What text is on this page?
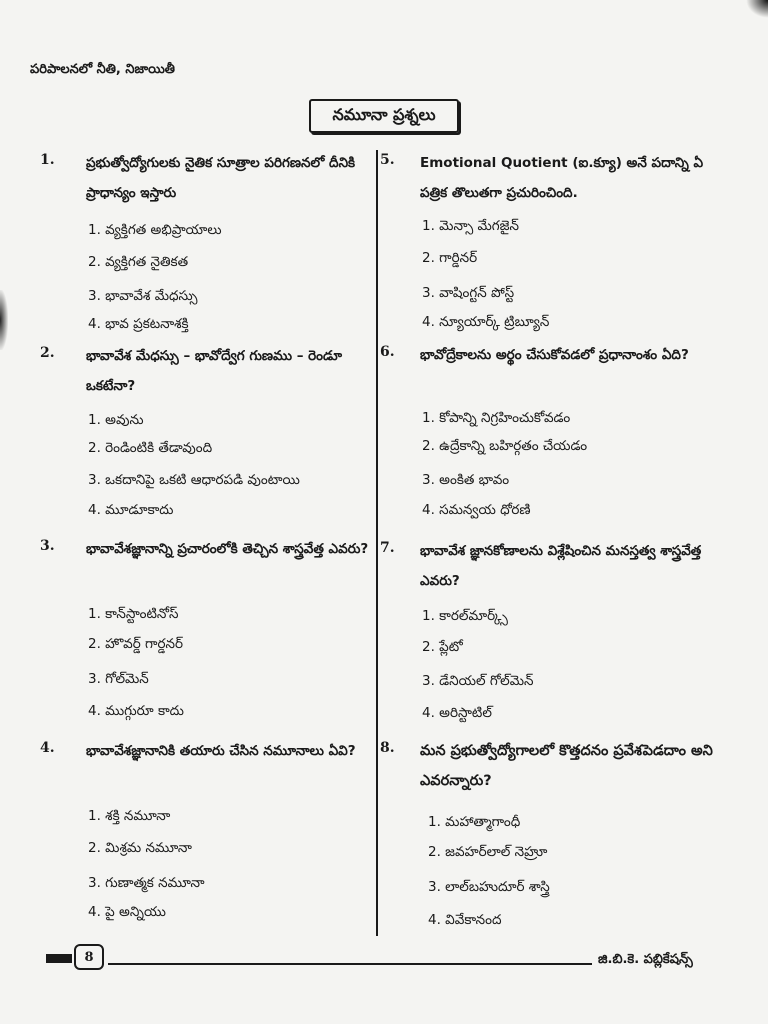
పరిపాలనలో నీతి, నిజాయితీ
నమూనా ప్రశ్నలు
1.	ప్రభుత్వోద్యోగులకు నైతిక సూత్రాల పరిగణనలో దీనికి ప్రాధాన్యం ఇస్తారు
1. వ్యక్తిగత అభిప్రాయాలు
2. వ్యక్తిగత నైతికత
3. భావావేశ మేధస్సు
4. భావ ప్రకటనాశక్తి
2.	భావావేశ మేధస్సు – భావోద్వేగ గుణము – రెండూ ఒకటేనా?
1. అవును
2. రెండింటికి తేడావుంది
3. ఒకదానిపై ఒకటి ఆధారపడి వుంటాయి
4. మూడూకాదు
3.	భావావేశజ్ఞానాన్ని ప్రచారంలోకి తెచ్చిన శాస్త్రవేత్త ఎవరు?
1. కాన్‌స్టాంటినోస్
2. హొవర్డ్ గార్డనర్
3. గోల్‌మెన్
4. ముగ్గురూ కాదు
4.	భావావేశజ్ఞానానికి తయారు చేసిన నమూనాలు ఏవి?
1. శక్తి నమూనా
2. మిశ్రమ నమూనా
3. గుణాత్మక నమూనా
4. పై అన్నియు
5.	Emotional Quotient (ఐ.క్యూ) అనే పదాన్ని ఏ పత్రిక తొలుతగా ప్రచురించింది.
1. మెన్సా మేగజైన్
2. గార్డినర్
3. వాషింగ్టన్ పోస్ట్
4. న్యూయార్క్ ట్రిబ్యూన్
6.	భావోద్రేకాలను అర్థం చేసుకోవడలో ప్రధానాంశం ఏది?
1. కోపాన్ని నిగ్రహించుకోవడం
2. ఉద్రేకాన్ని బహిర్గతం చేయడం
3. అంకిత భావం
4. సమన్వయ ధోరణి
7.	భావావేశ జ్ఞానకోణాలను విశ్లేషించిన మనస్తత్వ శాస్త్రవేత్త ఎవరు?
1. కారల్‌మార్క్స్
2. ప్లేటో
3. డేనియల్ గోల్‌మెన్
4. అరిస్టాటిల్
8.	మన ప్రభుత్వోద్యోగాలలో కొత్తదనం ప్రవేశపెడదాం అని ఎవరన్నారు?
1. మహాత్మాగాంధీ
2. జవహర్‌లాల్ నెహ్రూ
3. లాల్‌బహుదూర్ శాస్త్రి
4. వివేకానంద
8	జి.బి.కె. పబ్లికేషన్స్
